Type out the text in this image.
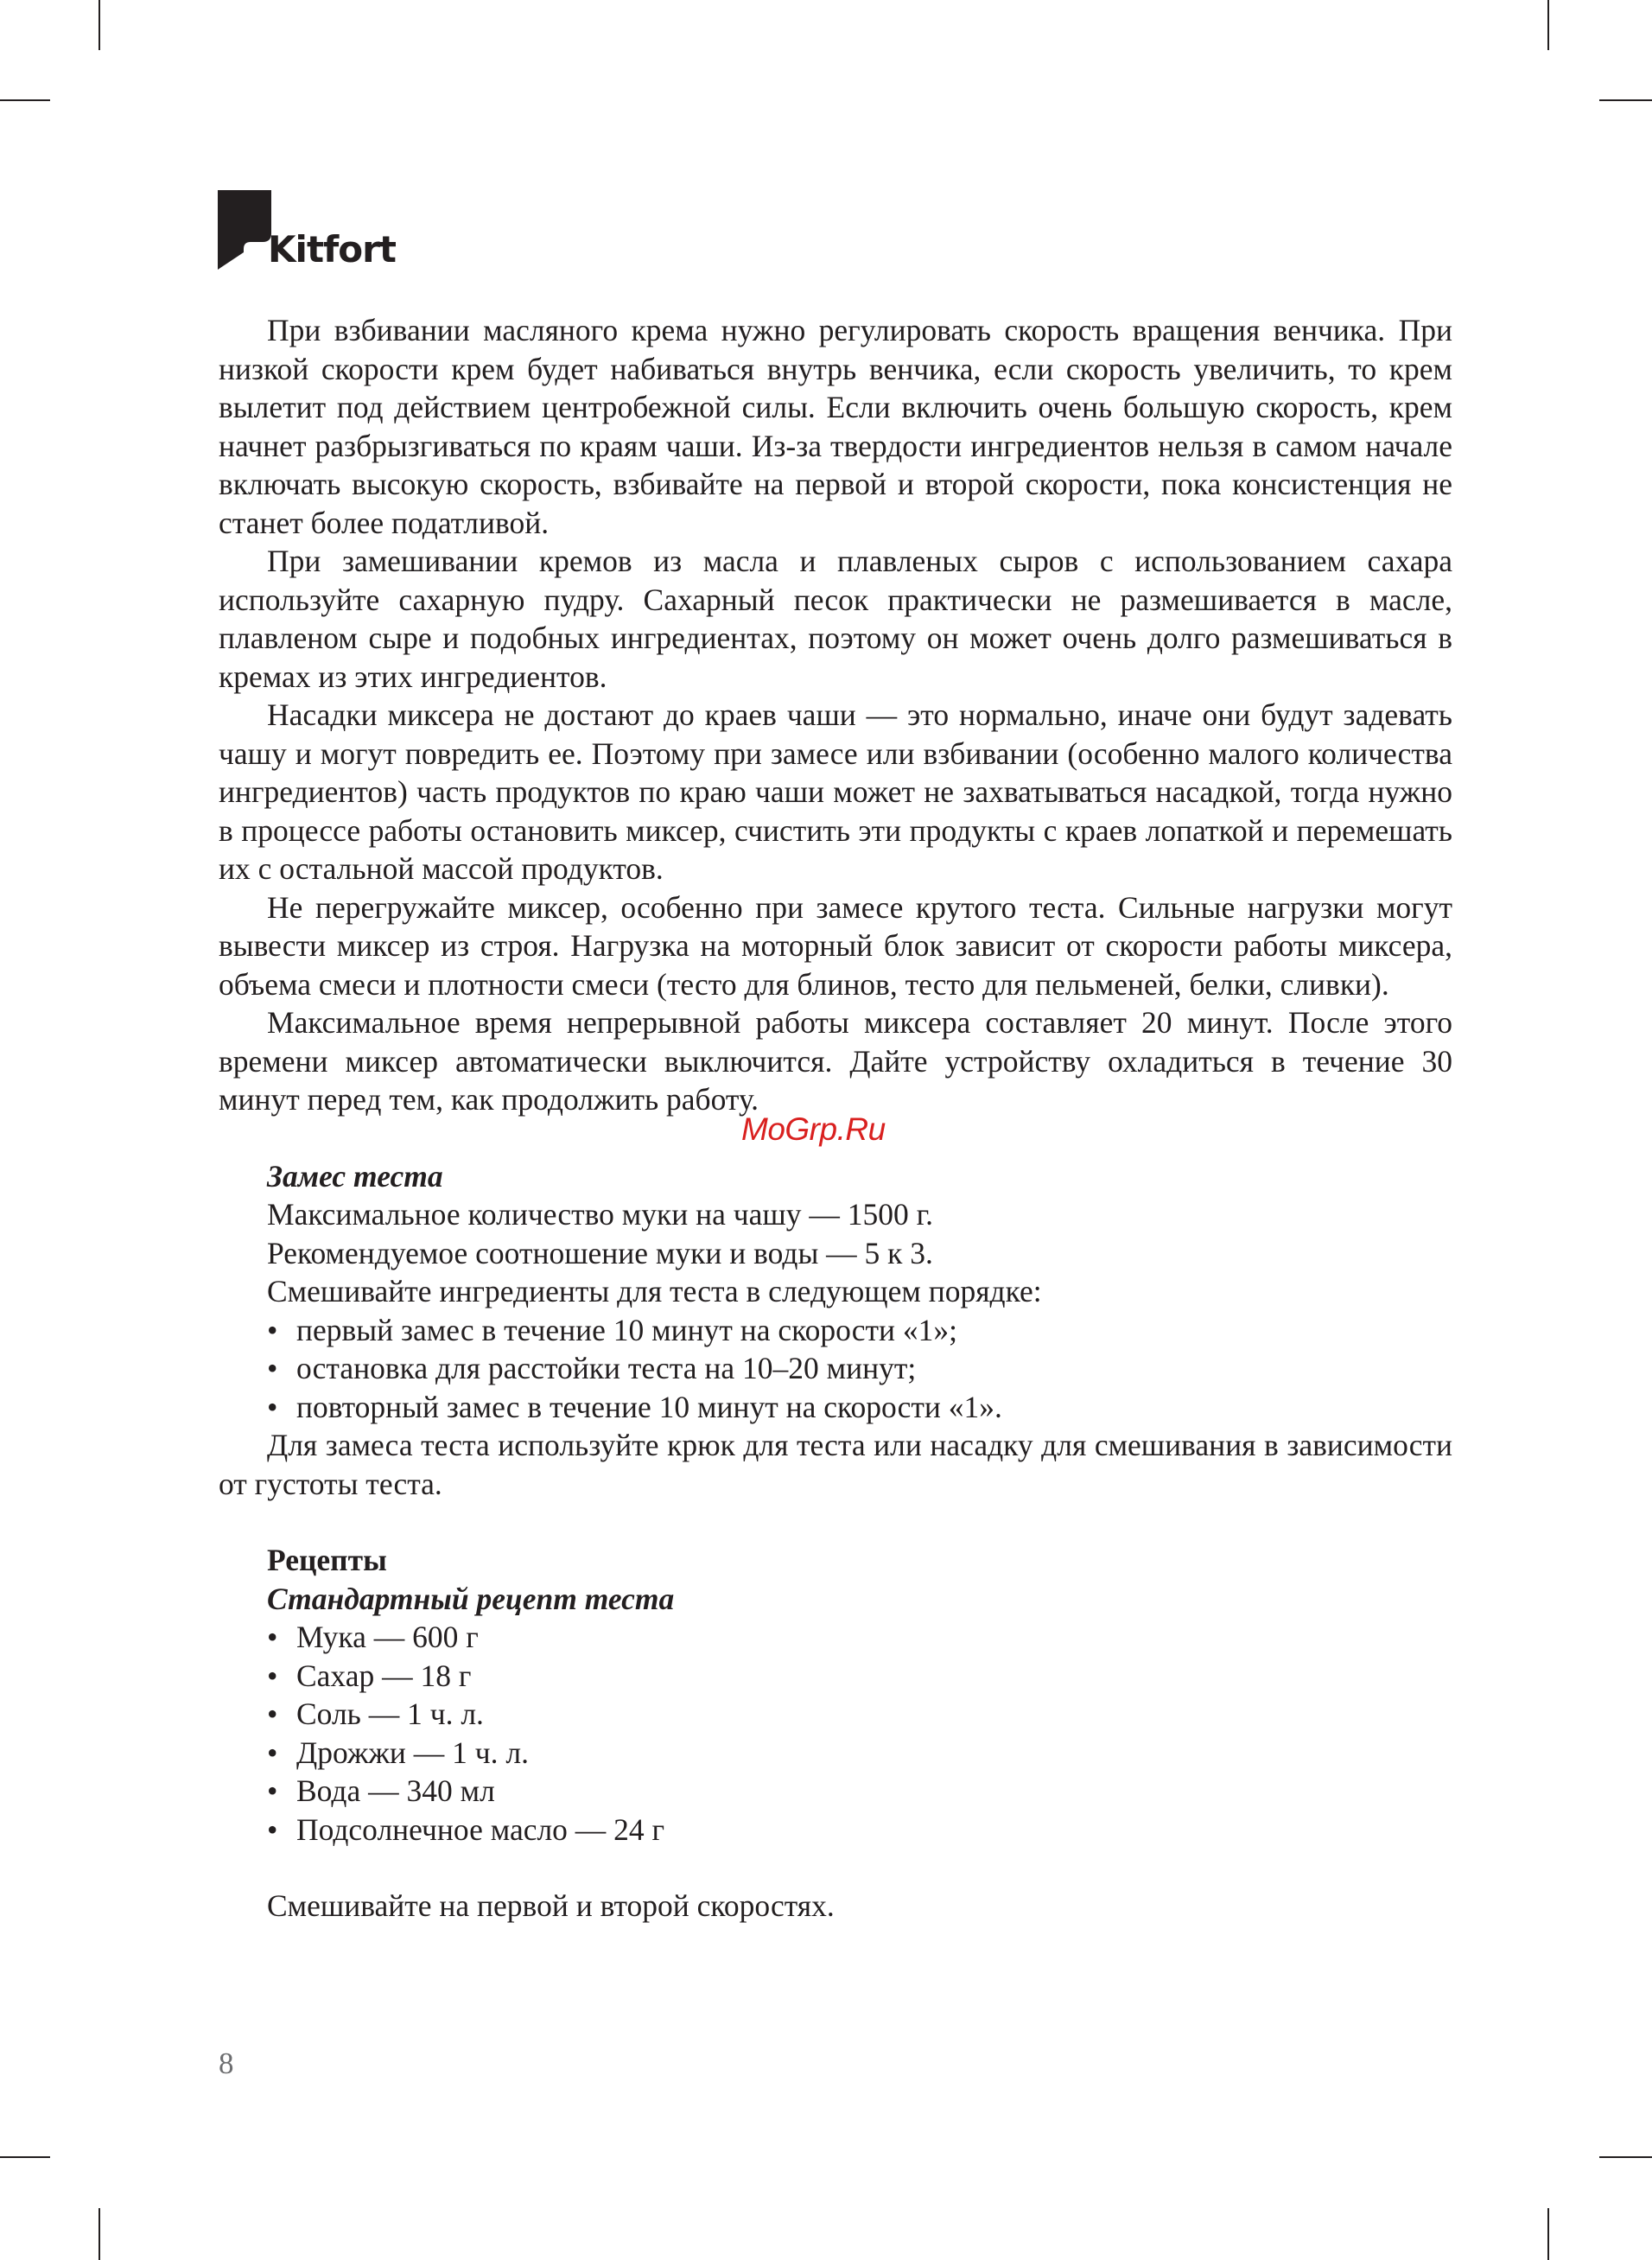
Kitfort

При взбивании масляного крема нужно регулировать скорость вращения венчика. При низкой скорости крем будет набиваться внутрь венчика, если скорость увеличить, то крем вылетит под действием центробежной силы. Если включить очень большую скорость, крем начнет разбрызгиваться по краям чаши. Из-за твердости ингредиентов нельзя в самом начале включать высокую скорость, взбивайте на первой и второй скорости, пока консистенция не станет более податливой.

При замешивании кремов из масла и плавленых сыров с использованием сахара используйте сахарную пудру. Сахарный песок практически не размешивается в масле, плавленом сыре и подобных ингредиентах, поэтому он может очень долго размешиваться в кремах из этих ингредиентов.

Насадки миксера не достают до краев чаши — это нормально, иначе они будут задевать чашу и могут повредить ее. Поэтому при замесе или взбивании (особенно малого количества ингредиентов) часть продуктов по краю чаши может не захватываться насадкой, тогда нужно в процессе работы остановить миксер, счистить эти продукты с краев лопаткой и перемешать их с остальной массой продуктов.

Не перегружайте миксер, особенно при замесе крутого теста. Сильные нагрузки могут вывести миксер из строя. Нагрузка на моторный блок зависит от скорости работы миксера, объема смеси и плотности смеси (тесто для блинов, тесто для пельменей, белки, сливки).

Максимальное время непрерывной работы миксера составляет 20 минут. После этого времени миксер автоматически выключится. Дайте устройству охладиться в течение 30 минут перед тем, как продолжить работу.

Замес теста

Максимальное количество муки на чашу — 1500 г.

Рекомендуемое соотношение муки и воды — 5 к 3.

Смешивайте ингредиенты для теста в следующем порядке:

• первый замес в течение 10 минут на скорости «1»;
• остановка для расстойки теста на 10–20 минут;
• повторный замес в течение 10 минут на скорости «1».

Для замеса теста используйте крюк для теста или насадку для смешивания в зависимости от густоты теста.

Рецепты

Стандартный рецепт теста

• Мука — 600 г
• Сахар — 18 г
• Соль — 1 ч. л.
• Дрожжи — 1 ч. л.
• Вода — 340 мл
• Подсолнечное масло — 24 г

Смешивайте на первой и второй скоростях.

MoGrp.Ru
8
